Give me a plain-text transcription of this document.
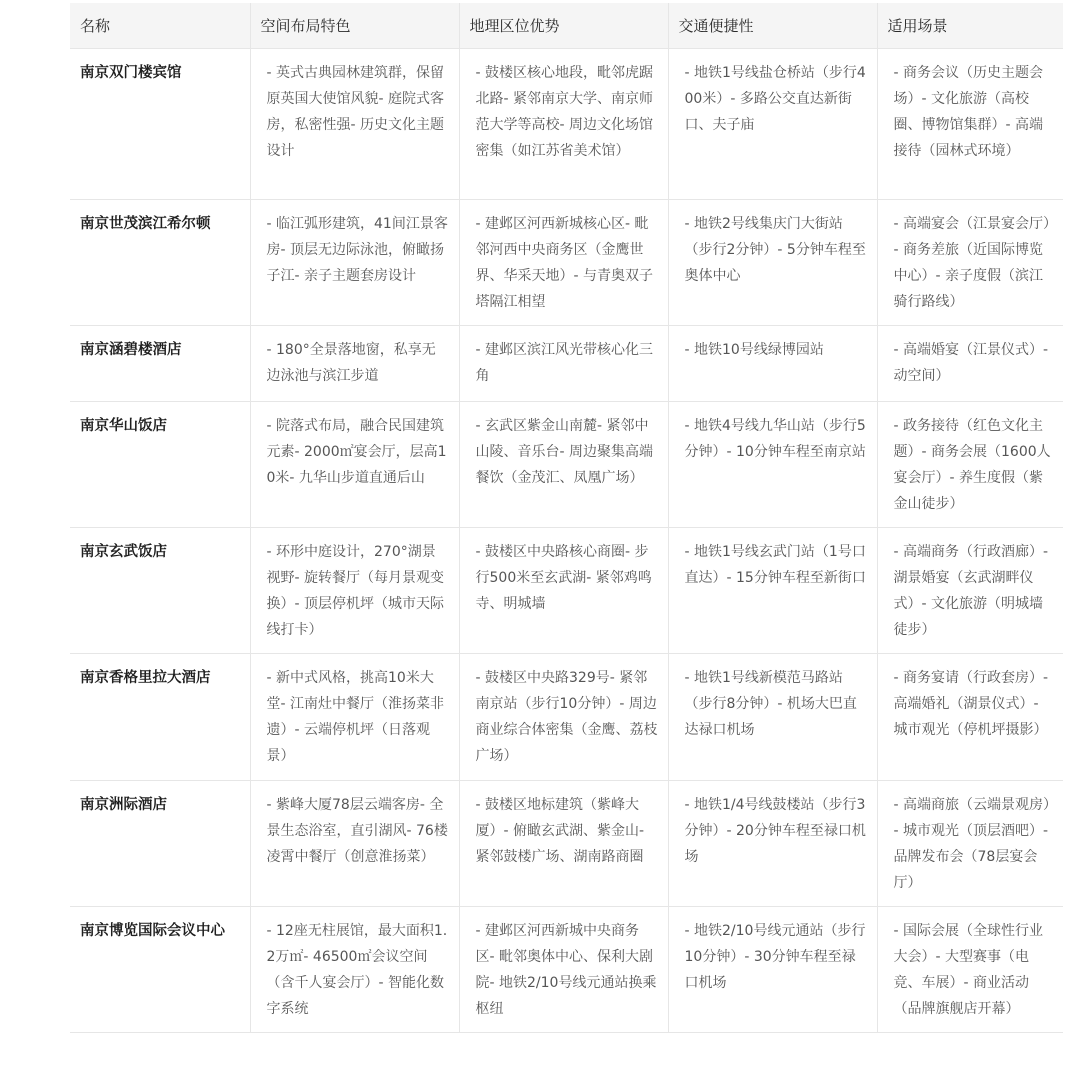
名称	空间布局特色	地理区位优势	交通便捷性	适用场景

南京双门楼宾馆	- 英式古典园林建筑群，保留原英国大使馆风貌- 庭院式客房，私密性强- 历史文化主题设计	- 鼓楼区核心地段，毗邻虎踞北路- 紧邻南京大学、南京师范大学等高校- 周边文化场馆密集（如江苏省美术馆）	- 地铁1号线盐仓桥站（步行400米）- 多路公交直达新街口、夫子庙	- 商务会议（历史主题会场）- 文化旅游（高校圈、博物馆集群）- 高端接待（园林式环境）

南京世茂滨江希尔顿	- 临江弧形建筑，41间江景客房- 顶层无边际泳池，俯瞰扬子江- 亲子主题套房设计	- 建邺区河西新城核心区- 毗邻河西中央商务区（金鹰世界、华采天地）- 与青奥双子塔隔江相望	- 地铁2号线集庆门大街站（步行2分钟）- 5分钟车程至奥体中心	- 高端宴会（江景宴会厅）- 商务差旅（近国际博览中心）- 亲子度假（滨江骑行路线）

南京涵碧楼酒店	- 180°全景落地窗，私享无边泳池与滨江步道	- 建邺区滨江风光带核心化三角	- 地铁10号线绿博园站	- 高端婚宴（江景仪式）- 动空间）

南京华山饭店	- 院落式布局，融合民国建筑元素- 2000㎡宴会厅，层高10米- 九华山步道直通后山	- 玄武区紫金山南麓- 紧邻中山陵、音乐台- 周边聚集高端餐饮（金茂汇、凤凰广场）	- 地铁4号线九华山站（步行5分钟）- 10分钟车程至南京站	- 政务接待（红色文化主题）- 商务会展（1600人宴会厅）- 养生度假（紫金山徒步）

南京玄武饭店	- 环形中庭设计，270°湖景视野- 旋转餐厅（每月景观变换）- 顶层停机坪（城市天际线打卡）	- 鼓楼区中央路核心商圈- 步行500米至玄武湖- 紧邻鸡鸣寺、明城墙	- 地铁1号线玄武门站（1号口直达）- 15分钟车程至新街口	- 高端商务（行政酒廊）- 湖景婚宴（玄武湖畔仪式）- 文化旅游（明城墙徒步）

南京香格里拉大酒店	- 新中式风格，挑高10米大堂- 江南灶中餐厅（淮扬菜非遗）- 云端停机坪（日落观景）	- 鼓楼区中央路329号- 紧邻南京站（步行10分钟）- 周边商业综合体密集（金鹰、荔枝广场）	- 地铁1号线新模范马路站（步行8分钟）- 机场大巴直达禄口机场	- 商务宴请（行政套房）- 高端婚礼（湖景仪式）- 城市观光（停机坪摄影）

南京洲际酒店	- 紫峰大厦78层云端客房- 全景生态浴室，直引湖风- 76楼凌霄中餐厅（创意淮扬菜）	- 鼓楼区地标建筑（紫峰大厦）- 俯瞰玄武湖、紫金山- 紧邻鼓楼广场、湖南路商圈	- 地铁1/4号线鼓楼站（步行3分钟）- 20分钟车程至禄口机场	- 高端商旅（云端景观房）- 城市观光（顶层酒吧）- 品牌发布会（78层宴会厅）

南京博览国际会议中心	- 12座无柱展馆，最大面积1.2万㎡- 46500㎡会议空间（含千人宴会厅）- 智能化数字系统	- 建邺区河西新城中央商务区- 毗邻奥体中心、保利大剧院- 地铁2/10号线元通站换乘枢纽	- 地铁2/10号线元通站（步行10分钟）- 30分钟车程至禄口机场	- 国际会展（全球性行业大会）- 大型赛事（电竞、车展）- 商业活动（品牌旗舰店开幕）
